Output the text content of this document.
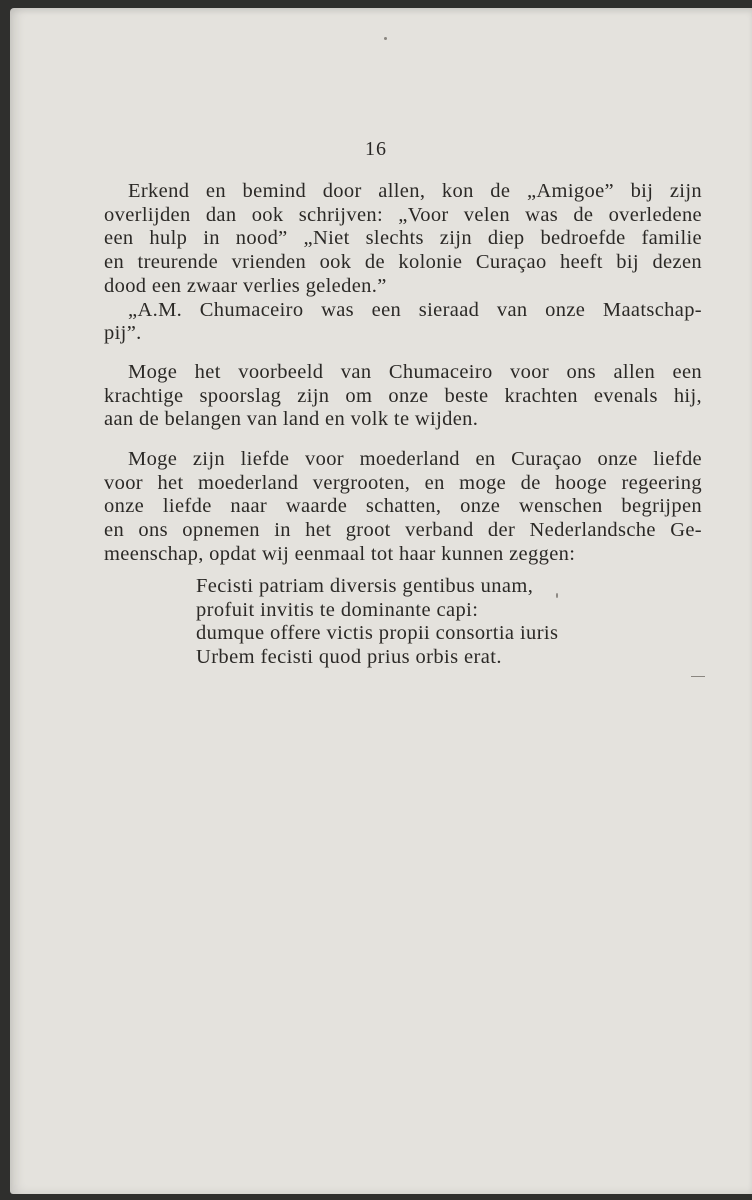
16
Erkend en bemind door allen, kon de „Amigoe” bij zijn
overlijden dan ook schrijven: „Voor velen was de overledene
een hulp in nood” „Niet slechts zijn diep bedroefde familie
en treurende vrienden ook de kolonie Curaçao heeft bij dezen
dood een zwaar verlies geleden.”
„A.M. Chumaceiro was een sieraad van onze Maatschap-
pij”.
Moge het voorbeeld van Chumaceiro voor ons allen een
krachtige spoorslag zijn om onze beste krachten evenals hij,
aan de belangen van land en volk te wijden.
Moge zijn liefde voor moederland en Curaçao onze liefde
voor het moederland vergrooten, en moge de hooge regeering
onze liefde naar waarde schatten, onze wenschen begrijpen
en ons opnemen in het groot verband der Nederlandsche Ge-
meenschap, opdat wij eenmaal tot haar kunnen zeggen:
Fecisti patriam diversis gentibus unam,
profuit invitis te dominante capi:
dumque offere victis propii consortia iuris
Urbem fecisti quod prius orbis erat.
